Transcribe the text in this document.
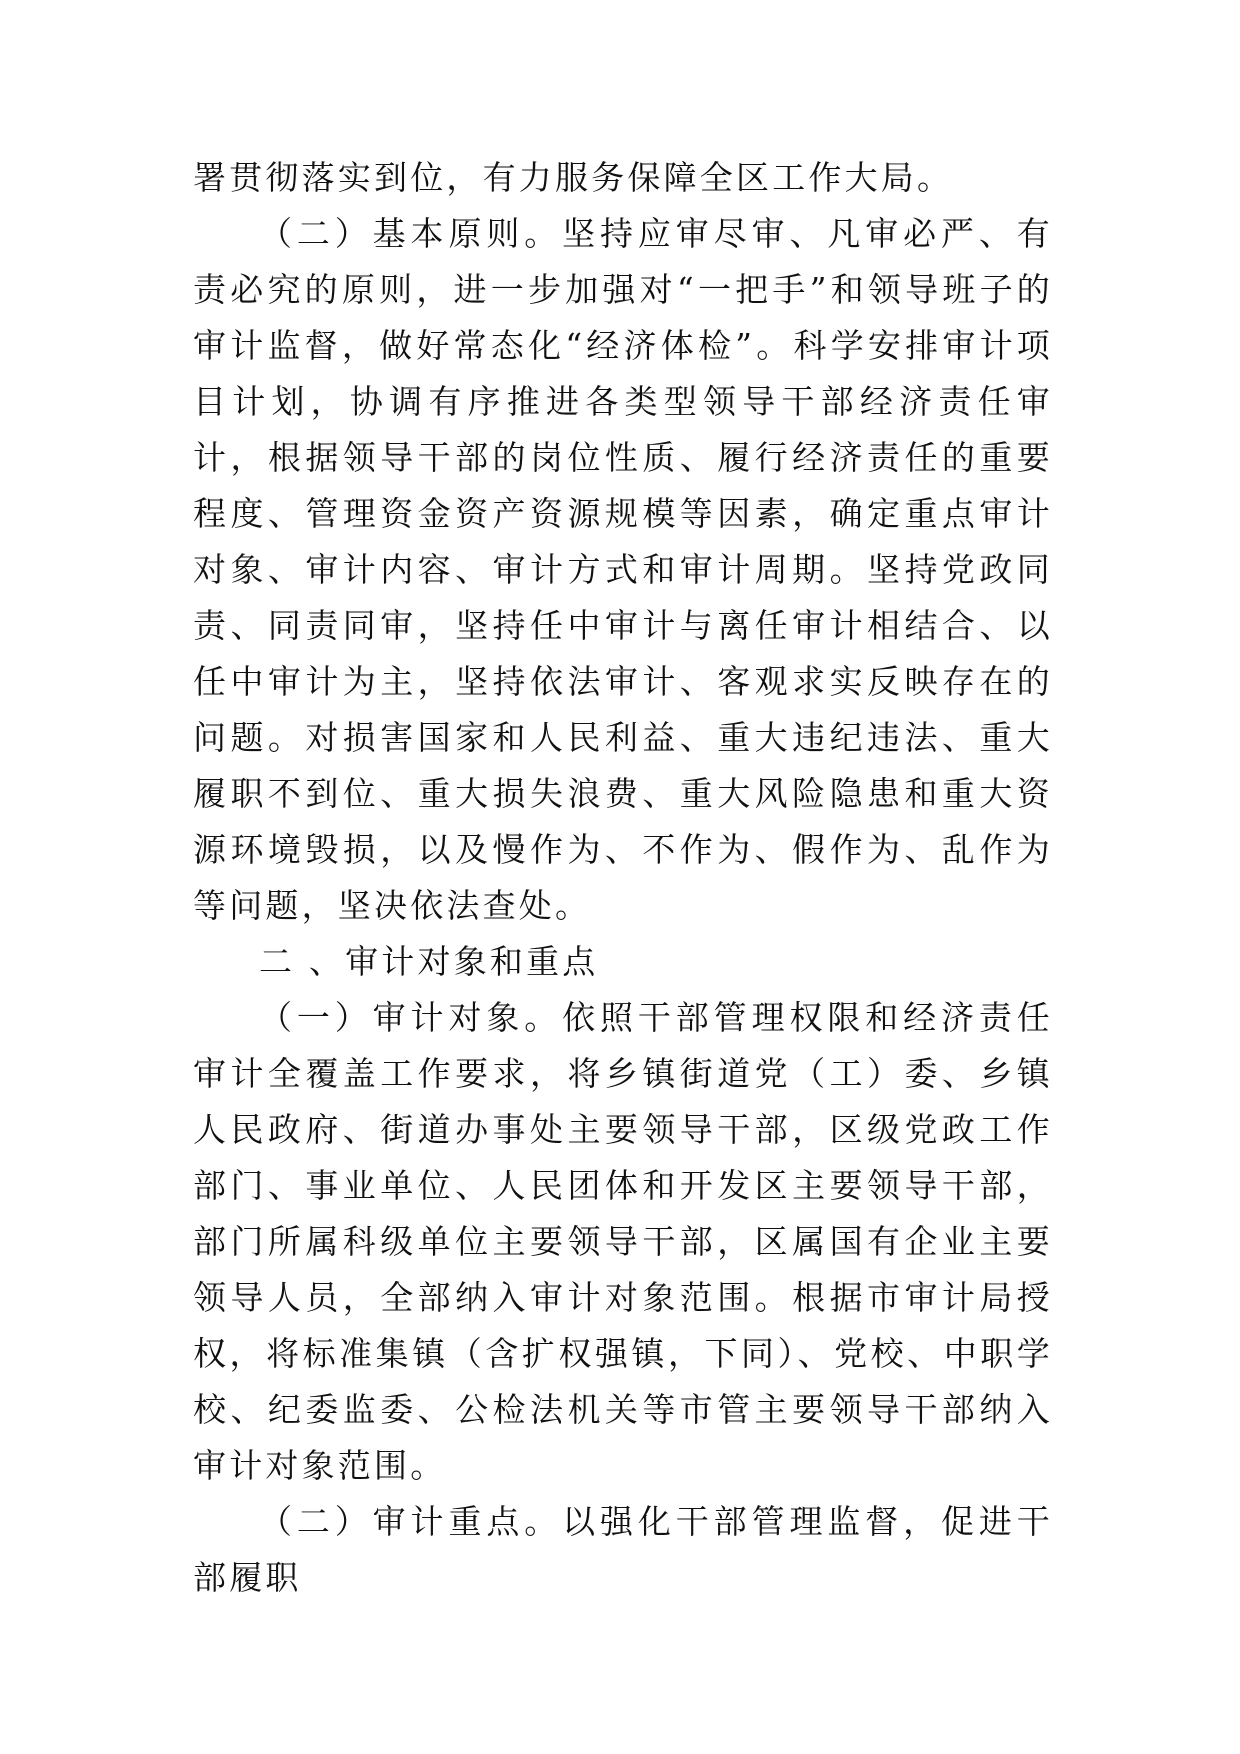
署贯彻落实到位，有力服务保障全区工作大局。

（二）基本原则。坚持应审尽审、凡审必严、有责必究的原则，进一步加强对“一把手”和领导班子的审计监督，做好常态化“经济体检”。科学安排审计项目计划，协调有序推进各类型领导干部经济责任审计，根据领导干部的岗位性质、履行经济责任的重要程度、管理资金资产资源规模等因素，确定重点审计对象、审计内容、审计方式和审计周期。坚持党政同责、同责同审，坚持任中审计与离任审计相结合、以任中审计为主，坚持依法审计、客观求实反映存在的问题。对损害国家和人民利益、重大违纪违法、重大履职不到位、重大损失浪费、重大风险隐患和重大资源环境毁损，以及慢作为、不作为、假作为、乱作为等问题，坚决依法查处。

二 、审计对象和重点

（一）审计对象。依照干部管理权限和经济责任审计全覆盖工作要求，将乡镇街道党（工）委、乡镇人民政府、街道办事处主要领导干部，区级党政工作部门、事业单位、人民团体和开发区主要领导干部，部门所属科级单位主要领导干部，区属国有企业主要领导人员，全部纳入审计对象范围。根据市审计局授权，将标准集镇（含扩权强镇，下同）、党校、中职学校、纪委监委、公检法机关等市管主要领导干部纳入审计对象范围。

（二）审计重点。以强化干部管理监督，促进干部履职
